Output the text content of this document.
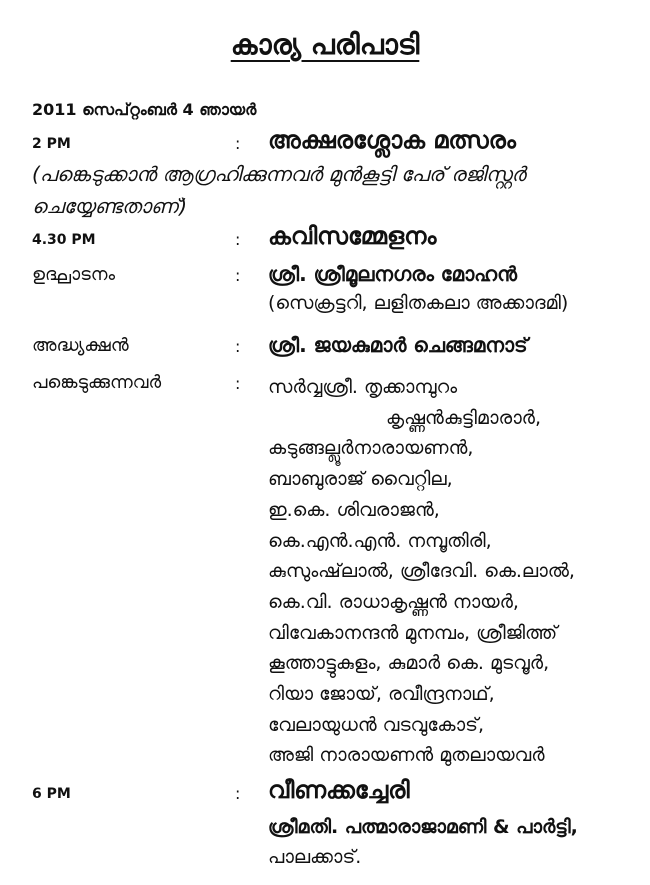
കാര്യ പരിപാടി
2011 സെപ്റ്റംബർ 4 ഞായർ
2 PM	: അക്ഷരശ്ലോക മത്സരം
(പങ്കെടുക്കാൻ ആഗ്രഹിക്കുന്നവർ മുൻകൂട്ടി പേര് രജിസ്റ്റർ ചെയ്യേണ്ടതാണ്)
4.30 PM	: കവിസമ്മേളനം
ഉദ്ഘാടനം	: ശ്രീ. ശ്രീമൂലനഗരം മോഹൻ
(സെക്രട്ടറി, ലളിതകലാ അക്കാദമി)
അദ്ധ്യക്ഷൻ	: ശ്രീ. ജയകുമാർ ചെങ്ങമനാട്
പങ്കെടുക്കുന്നവർ	: സർവ്വശ്രീ. തൃക്കാമ്പുറം
കൃഷ്ണൻകുട്ടിമാരാർ,
കടുങ്ങല്ലൂർനാരായണൻ,
ബാബുരാജ് വൈറ്റില,
ഇ.കെ. ശിവരാജൻ,
കെ.എൻ.എൻ. നമ്പൂതിരി,
കുസുംഷ്‌ലാൽ, ശ്രീദേവി. കെ.ലാൽ,
കെ.വി. രാധാകൃഷ്ണൻ നായർ,
വിവേകാനന്ദൻ മുനമ്പം, ശ്രീജിത്ത്
കൂത്താട്ടുകുളം, കുമാർ കെ. മുടവൂർ,
റിയാ ജോയ്, രവീന്ദ്രനാഥ്,
വേലായുധൻ വടവുകോട്,
അജി നാരായണൻ മുതലായവർ
6 PM	: വീണക്കച്ചേരി
ശ്രീമതി. പത്മാരാജാമണി & പാർട്ടി,
പാലക്കാട്.
